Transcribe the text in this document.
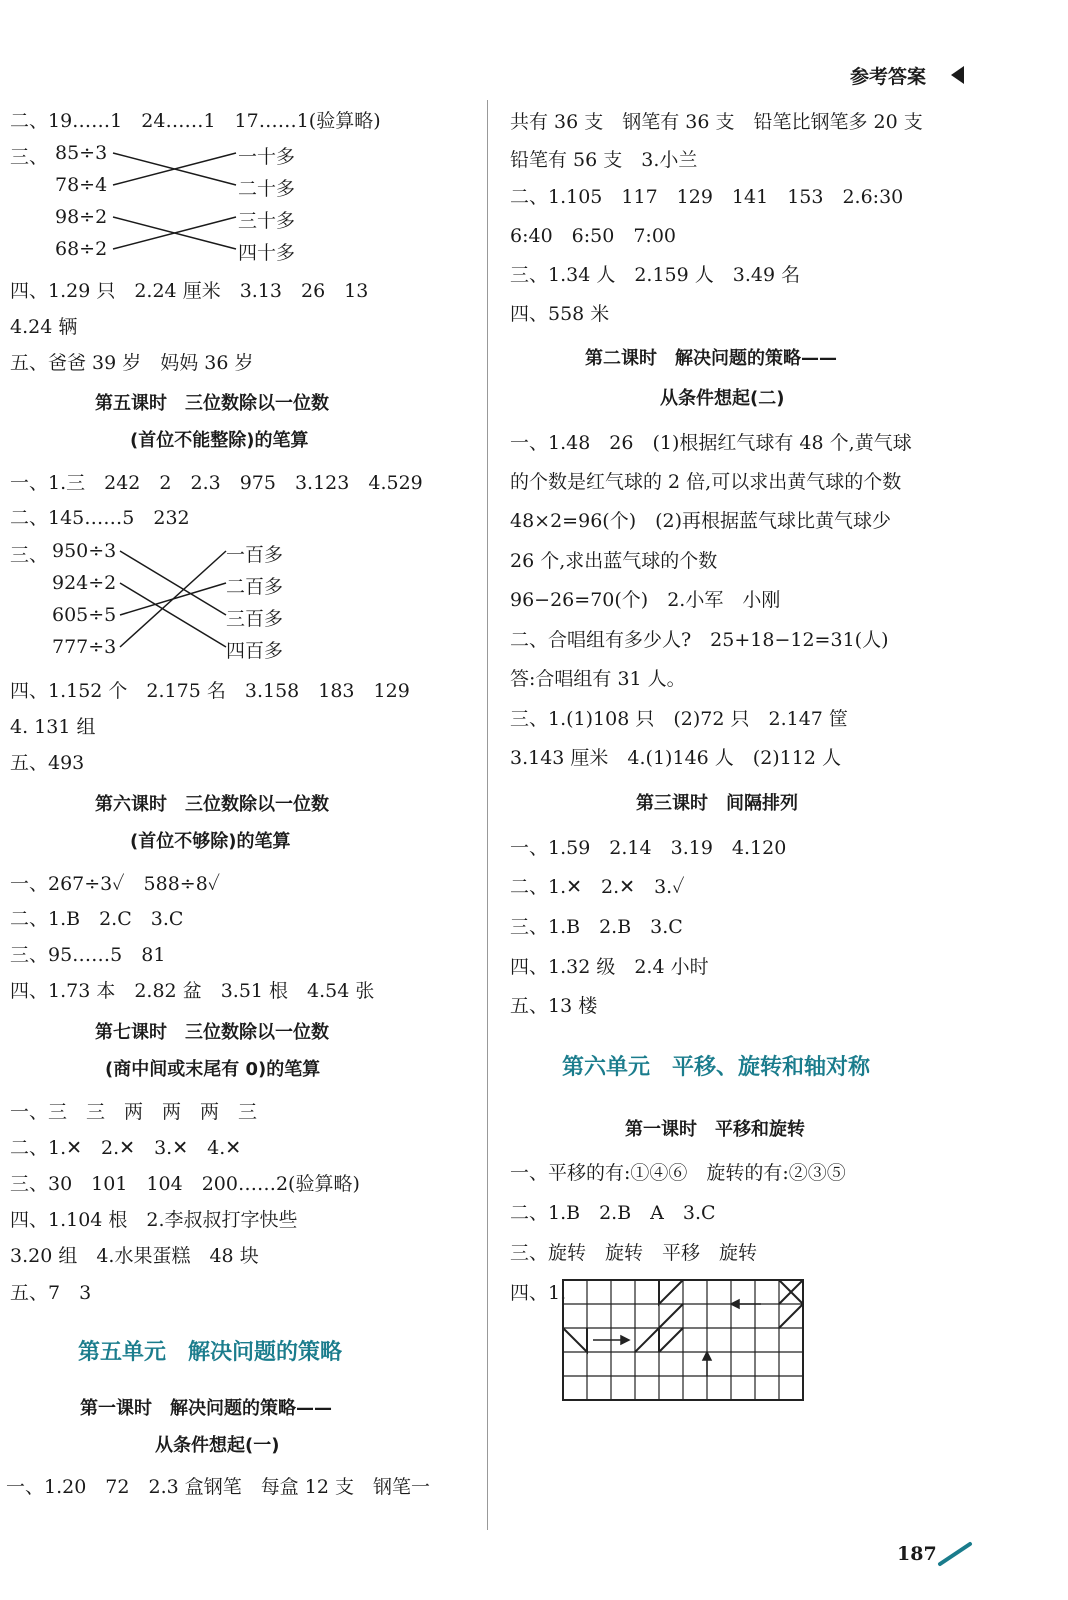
参考答案
二、19……1　24……1　17……1(验算略)
三、 85÷3
78÷4
98÷2
68÷2
一十多
二十多
三十多
四十多
四、1.29 只　2.24 厘米　3.13　26　13
4.24 辆
五、爸爸 39 岁　妈妈 36 岁
第五课时　三位数除以一位数
(首位不能整除)的笔算
一、1.三　242　2　2.3　975　3.123　4.529
二、145……5　232
三、 950÷3
924÷2
605÷5
777÷3
一百多
二百多
三百多
四百多
四、1.152 个　2.175 名　3.158　183　129
4. 131 组
五、493
第六课时　三位数除以一位数
(首位不够除)的笔算
一、267÷3✓　588÷8✓
二、1.B　2.C　3.C
三、95……5　81
四、1.73 本　2.82 盆　3.51 根　4.54 张
第七课时　三位数除以一位数
(商中间或末尾有 0)的笔算
一、三　三　两　两　两　三
二、1.✕　2.✕　3.✕　4.✕
三、30　101　104　200……2(验算略)
四、1.104 根　2.李叔叔打字快些
3.20 组　4.水果蛋糕　48 块
五、7　3
第五单元　解决问题的策略
第一课时　解决问题的策略——
从条件想起(一)
一、1.20　72　2.3 盒钢笔　每盒 12 支　钢笔一
共有 36 支　钢笔有 36 支　铅笔比钢笔多 20 支
铅笔有 56 支　3.小兰
二、1.105　117　129　141　153　2.6:30
6:40　6:50　7:00
三、1.34 人　2.159 人　3.49 名
四、558 米
第二课时　解决问题的策略——
从条件想起(二)
一、1.48　26　(1)根据红气球有 48 个,黄气球
的个数是红气球的 2 倍,可以求出黄气球的个数
48×2=96(个)　(2)再根据蓝气球比黄气球少
26 个,求出蓝气球的个数
96−26=70(个)　2.小军　小刚
二、合唱组有多少人?　25+18−12=31(人)
答:合唱组有 31 人。
三、1.(1)108 只　(2)72 只　2.147 筐
3.143 厘米　4.(1)146 人　(2)112 人
第三课时　间隔排列
一、1.59　2.14　3.19　4.120
二、1.✕　2.✕　3.✓
三、1.B　2.B　3.C
四、1.32 级　2.4 小时
五、13 楼
第六单元　平移、旋转和轴对称
第一课时　平移和旋转
一、平移的有:①④⑥　旋转的有:②③⑤
二、1.B　2.B　A　3.C
三、旋转　旋转　平移　旋转
四、1.
187
